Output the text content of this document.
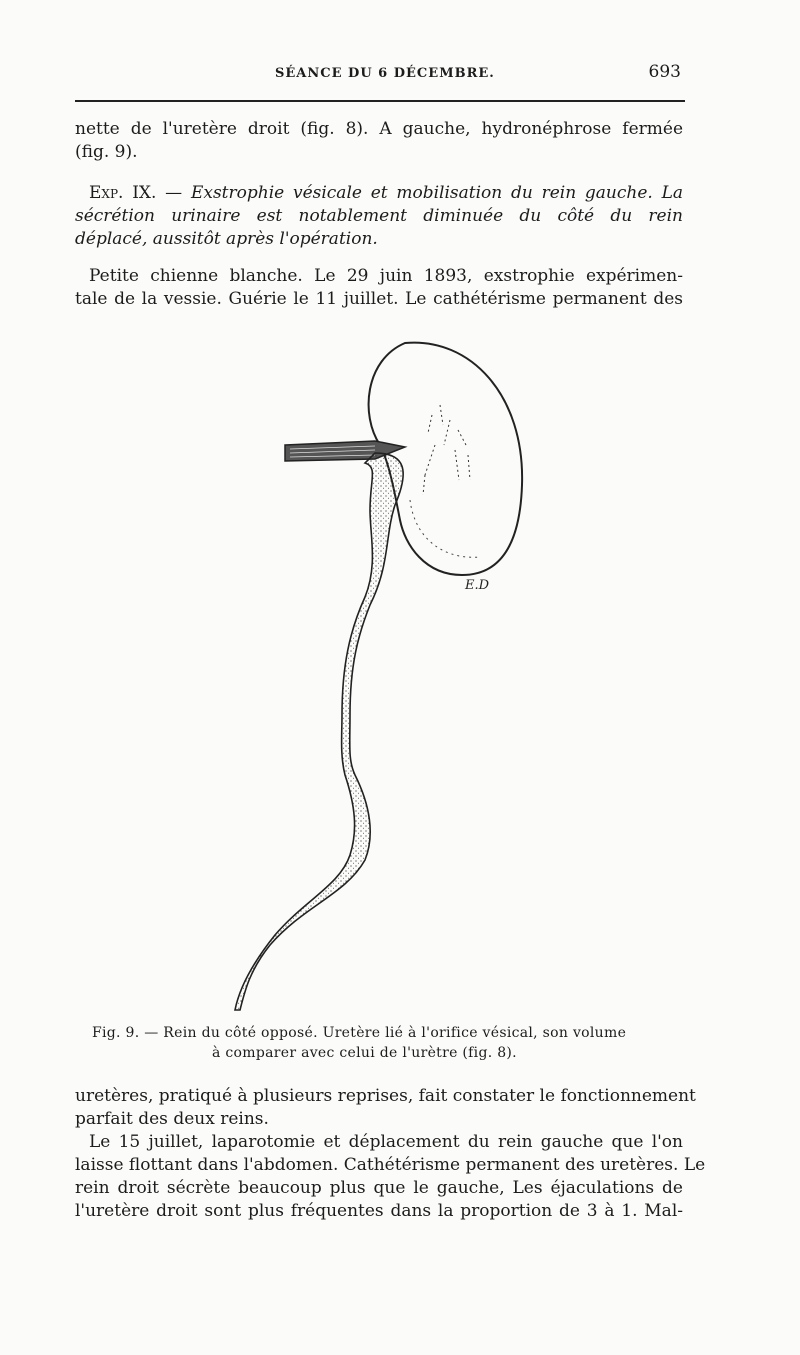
SÉANCE DU 6 DÉCEMBRE.	693
nette de l'uretère droit (fig. 8). A gauche, hydronéphrose fermée
(fig. 9).
Exp. IX. — Exstrophie vésicale et mobilisation du rein gauche. La
sécrétion urinaire est notablement diminuée du côté du rein
déplacé, aussitôt après l'opération.
Petite chienne blanche. Le 29 juin 1893, exstrophie expérimen-
tale de la vessie. Guérie le 11 juillet. Le cathétérisme permanent des
E.D
Fig. 9. — Rein du côté opposé. Uretère lié à l'orifice vésical, son volume
à comparer avec celui de l'urètre (fig. 8).
uretères, pratiqué à plusieurs reprises, fait constater le fonctionnement
parfait des deux reins.
Le 15 juillet, laparotomie et déplacement du rein gauche que l'on
laisse flottant dans l'abdomen. Cathétérisme permanent des uretères. Le
rein droit sécrète beaucoup plus que le gauche, Les éjaculations de
l'uretère droit sont plus fréquentes dans la proportion de 3 à 1. Mal-
